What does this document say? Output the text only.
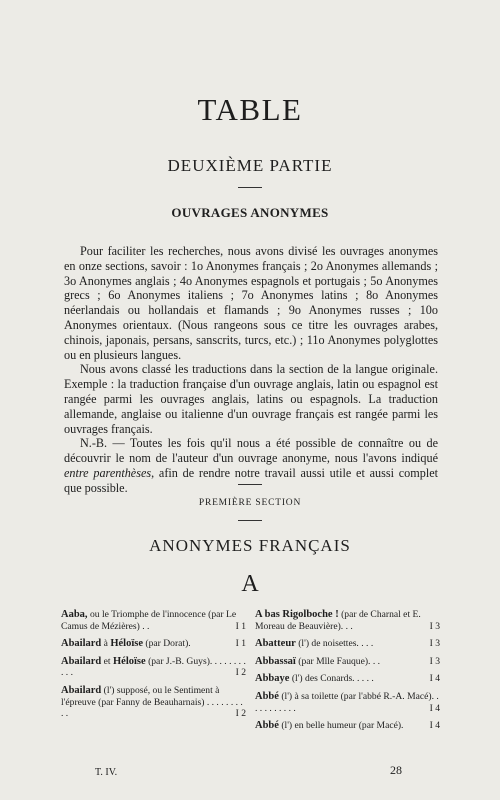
TABLE
DEUXIÈME PARTIE
OUVRAGES ANONYMES

Pour faciliter les recherches, nous avons divisé les ouvrages anonymes en onze sections, savoir : 1o Anonymes français ; 2o Anonymes allemands ; 3o Anonymes anglais ; 4o Anonymes espagnols et portugais ; 5o Anonymes grecs ; 6o Anonymes italiens ; 7o Anonymes latins ; 8o Anonymes néerlandais ou hollandais et flamands ; 9o Anonymes russes ; 10o Anonymes orientaux. (Nous rangeons sous ce titre les ouvrages arabes, chinois, japonais, persans, sanscrits, turcs, etc.) ; 11o Anonymes polyglottes ou en plusieurs langues.

Nous avons classé les traductions dans la section de la langue originale. Exemple : la traduction française d'un ouvrage anglais, latin ou espagnol est rangée parmi les ouvrages anglais, latins ou espagnols. La traduction allemande, anglaise ou italienne d'un ouvrage français est rangée parmi les ouvrages français.

N.-B. — Toutes les fois qu'il nous a été possible de connaître ou de découvrir le nom de l'auteur d'un ouvrage anonyme, nous l'avons indiqué entre parenthèses, afin de rendre notre travail aussi utile et aussi complet que possible.

PREMIÈRE SECTION
ANONYMES FRANÇAIS
A
Aaba, ou le Triomphe de l'innocence (par Le Camus de Mézières) . .	I 1
Abailard à Héloïse (par Dorat).	I 1
Abailard et Héloïse (par J.-B. Guys). . . . . . . . . . .	I 2
Abailard (l') supposé, ou le Sentiment à l'épreuve (par Fanny de Beauharnais) . . . . . . . . . .	I 2
A bas Rigolboche ! (par de Charnal et E. Moreau de Beauvière). . .	I 3
Abatteur (l') de noisettes. . . .	I 3
Abbassaï (par Mlle Fauque). . .	I 3
Abbaye (l') des Conards. . . . .	I 4
Abbé (l') à sa toilette (par l'abbé R.-A. Macé). . . . . . . . . . .	I 4
Abbé (l') en belle humeur (par Macé).	I 4
T. IV.	28
